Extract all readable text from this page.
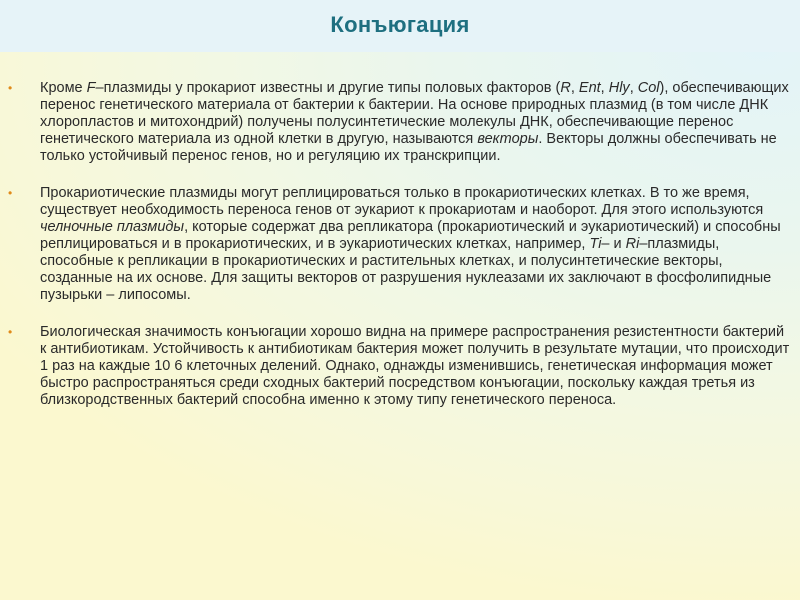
Конъюгация
• Кроме F–плазмиды у прокариот известны и другие типы половых факторов (R, Ent, Hly, Col), обеспечивающих перенос генетического материала от бактерии к бактерии. На основе природных плазмид (в том числе ДНК хлоропластов и митохондрий) получены полусинтетические молекулы ДНК, обеспечивающие перенос генетического материала из одной клетки в другую, называются векторы. Векторы должны обеспечивать не только устойчивый перенос генов, но и регуляцию их транскрипции.
• Прокариотические плазмиды могут реплицироваться только в прокариотических клетках. В то же время, существует необходимость переноса генов от эукариот к прокариотам и наоборот. Для этого используются челночные плазмиды, которые содержат два репликатора (прокариотический и эукариотический) и способны реплицироваться и в прокариотических, и в эукариотических клетках, например, Ti– и Ri–плазмиды, способные к репликации в прокариотических и растительных клетках, и полусинтетические векторы, созданные на их основе. Для защиты векторов от разрушения нуклеазами их заключают в фосфолипидные пузырьки – липосомы.
• Биологическая значимость конъюгации хорошо видна на примере распространения резистентности бактерий к антибиотикам. Устойчивость к антибиотикам бактерия может получить в результате мутации, что происходит 1 раз на каждые 10 6 клеточных делений. Однако, однажды изменившись, генетическая информация может быстро распространяться среди сходных бактерий посредством конъюгации, поскольку каждая третья из близкородственных бактерий способна именно к этому типу генетического переноса.
